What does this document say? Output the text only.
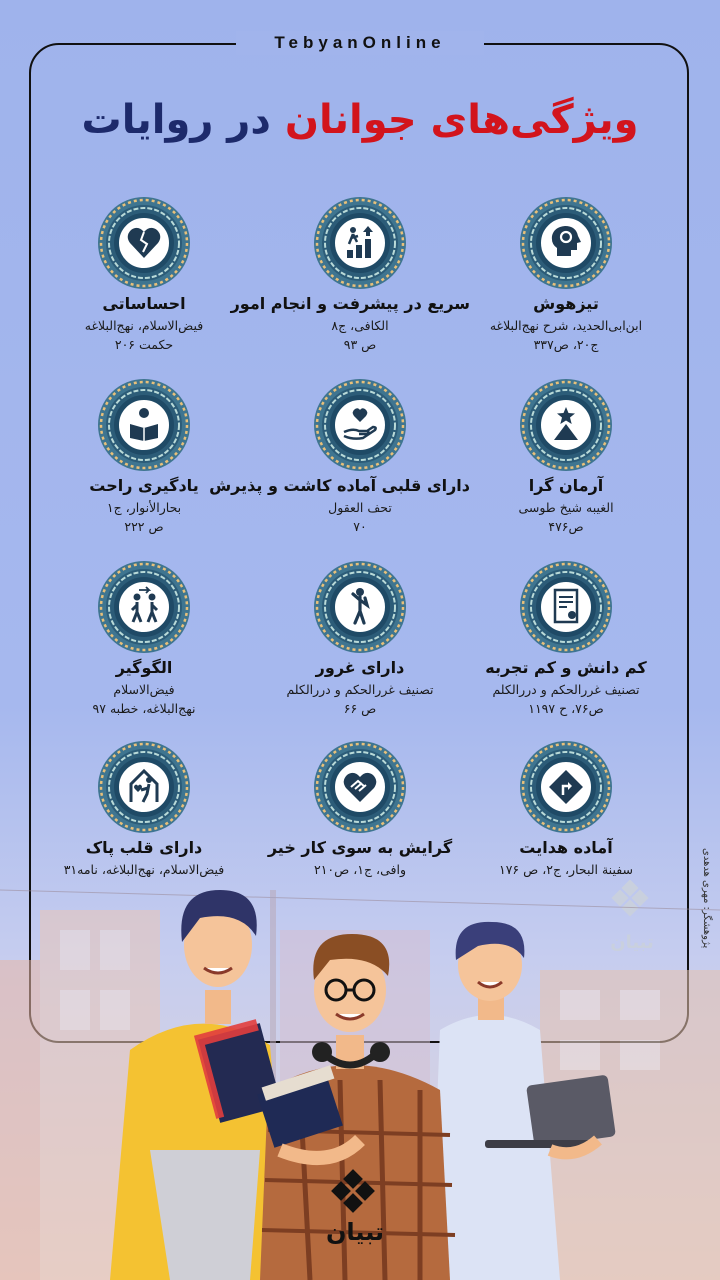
TebyanOnline
ویژگی‌های جوانان در روایات
تیزهوش
ابن‌ابی‌الحدید، شرح نهج‌البلاغه
ج۲۰، ص۳۳۷
سریع در پیشرفت و انجام امور
الکافی، ج۸
ص ۹۳
احساساتی
فیض‌الاسلام، نهج‌البلاغه
حکمت ۲۰۶
آرمان گرا
الغیبه شیخ طوسی
ص۴۷۶
دارای قلبی آماده کاشت و پذیرش
تحف العقول
۷۰
یادگیری راحت
بحارالأنوار، ج۱
ص ۲۲۲
کم دانش و کم تجربه
تصنیف غررالحکم و دررالکلم
ص۷۶، ح ۱۱۹۷
دارای غرور
تصنیف غررالحکم و دررالکلم
ص ۶۶
الگوگیر
فیض‌الاسلام
نهج‌البلاغه، خطبه ۹۷
آماده هدایت
سفینة البحار، ج۲، ص ۱۷۶
گرایش به سوی کار خیر
وافی، ج۱، ص۲۱۰
دارای قلب پاک
فیض‌الاسلام، نهج‌البلاغه، نامه۳۱	پژوهشگر: مهری هدهدی
تبیان
تبیان
